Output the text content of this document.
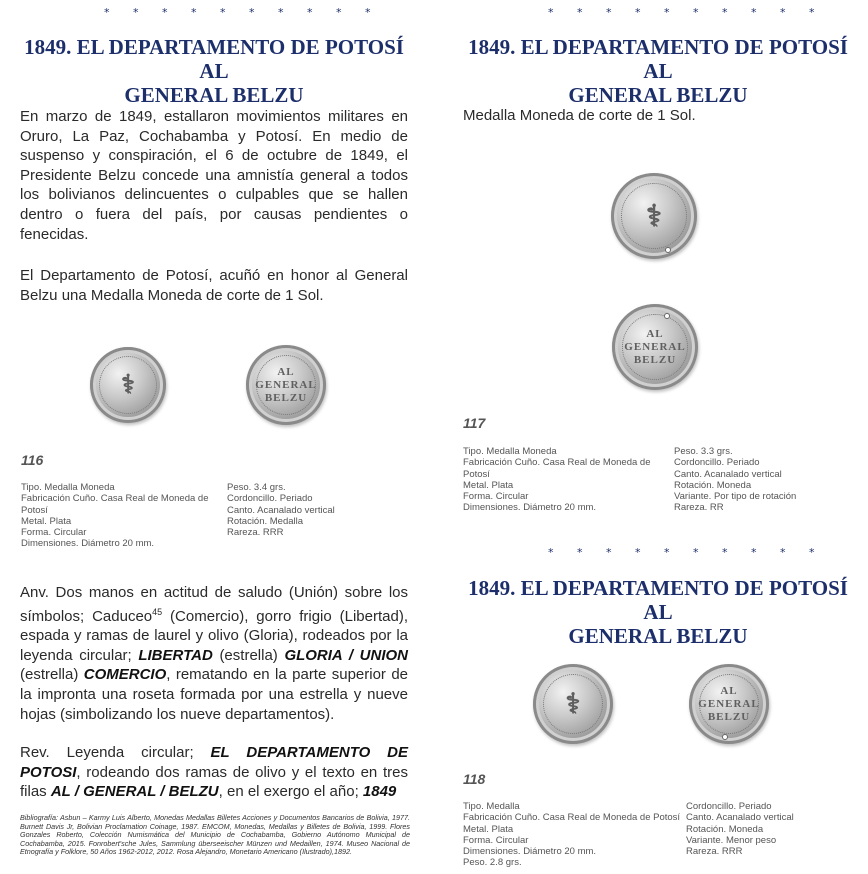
* * * * * * * * * *
1849. EL DEPARTAMENTO DE POTOSÍ AL
GENERAL BELZU
En marzo de 1849, estallaron movimientos militares en Oruro, La Paz, Cochabamba y Potosí. En medio de suspenso y conspiración, el 6 de octubre de 1849, el Presidente Belzu concede una amnistía general a todos los bolivianos delincuentes o culpables que se hallen dentro o fuera del país, por causas pendientes o fenecidas.
El Departamento de Potosí, acuñó en honor al General Belzu una Medalla Moneda de corte de 1 Sol.
⚕	AL
GENERAL
BELZU
116
Tipo. Medalla Moneda
Fabricación Cuño. Casa Real de Moneda de Potosí
Metal. Plata
Forma. Circular
Dimensiones. Diámetro 20 mm.
Peso. 3.4 grs.
Cordoncillo. Periado
Canto. Acanalado vertical
Rotación. Medalla
Rareza. RRR
Anv. Dos manos en actitud de saludo (Unión) sobre los símbolos; Caduceo$^{45}$ (Comercio), gorro frigio (Libertad), espada y ramas de laurel y olivo (Gloria), rodeados por la leyenda circular; LIBERTAD (estrella) GLORIA / UNION (estrella) COMERCIO, rematando en la parte superior de la impronta una roseta formada por una estrella y nueve hojas (simbolizando los nueve departamentos).
Rev. Leyenda circular; EL DEPARTAMENTO DE POTOSI, rodeando dos ramas de olivo y el texto en tres filas AL / GENERAL / BELZU, en el exergo el año; 1849
Bibliografía: Asbun – Karmy Luis Alberto, Monedas Medallas Billetes Acciones y Documentos Bancarios de Bolivia, 1977. Burnett Davis Jr, Bolivian Proclamation Coinage, 1987. EMCOM, Monedas, Medallas y Billetes de Bolivia, 1999. Flores Gonzales Roberto, Colección Numismática del Municipio de Cochabamba, Gobierno Autónomo Municipal de Cochabamba, 2015. Fonrobert'sche Jules, Sammlung überseeischer Münzen und Medaillen, 1974. Museo Nacional de Etnografía y Folklore, 50 Años 1962-2012, 2012. Rosa Alejandro, Monetario Americano (Ilustrado),1892.
* * * * * * * * * *
1849. EL DEPARTAMENTO DE POTOSÍ AL
GENERAL BELZU
Medalla Moneda de corte de 1 Sol.
⚕
AL
GENERAL
BELZU
117
Tipo. Medalla Moneda
Fabricación Cuño. Casa Real de Moneda de Potosí
Metal. Plata
Forma. Circular
Dimensiones. Diámetro 20 mm.
Peso. 3.3 grs.
Cordoncillo. Periado
Canto. Acanalado vertical
Rotación. Moneda
Variante. Por tipo de rotación
Rareza. RR
* * * * * * * * * *
1849. EL DEPARTAMENTO DE POTOSÍ AL
GENERAL BELZU
⚕	AL
GENERAL
BELZU
118
Tipo. Medalla
Fabricación Cuño. Casa Real de Moneda de Potosí
Metal. Plata
Forma. Circular
Dimensiones. Diámetro 20 mm.
Peso. 2.8 grs.
Cordoncillo. Periado
Canto. Acanalado vertical
Rotación. Moneda
Variante. Menor peso
Rareza. RRR
